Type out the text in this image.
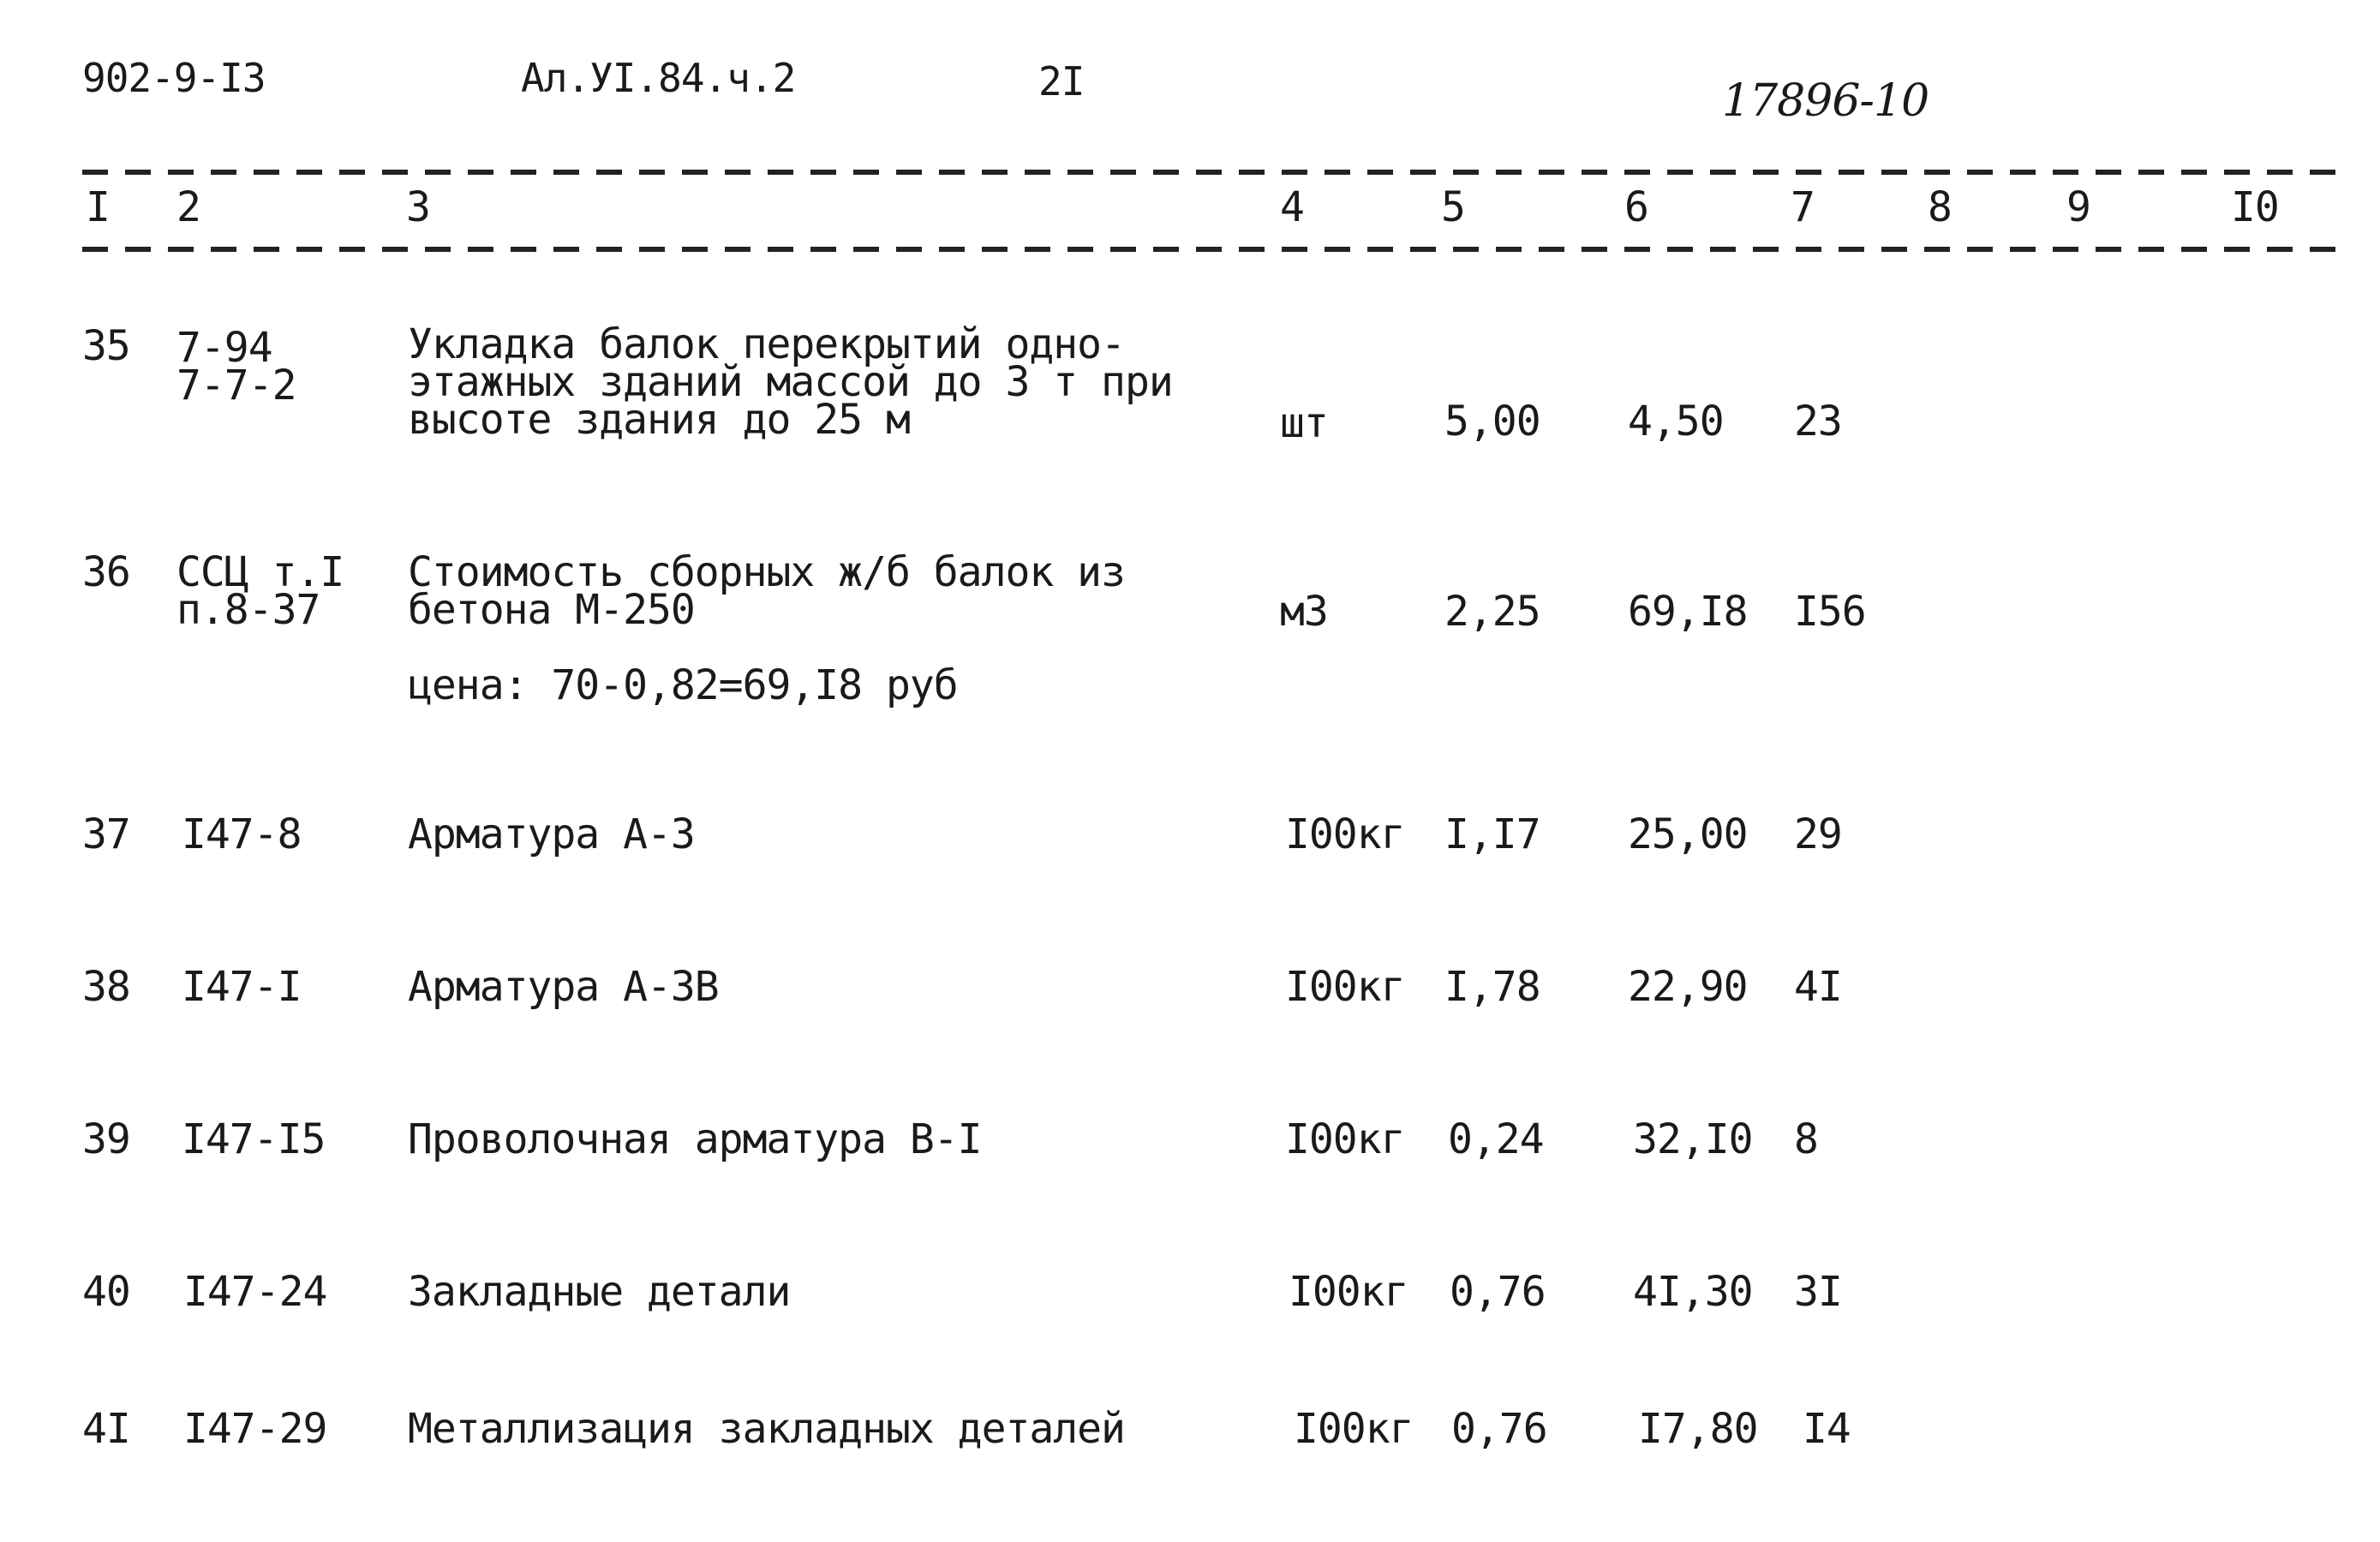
902-9-I3	Ал.УI.84.ч.2	2I	17896-10
I 2	3	4	5	6	7	8	9	I0
35 7-94
7-7-2
Укладка балок перекрытий одно-
этажных зданий массой до 3 т при
высоте здания до 25 м	шт	5,00 4,50 23
36 ССЦ т.I
п.8-37
Стоимость сборных ж/б балок из
бетона М-250
цена: 70-0,82=69,I8 руб
м3	2,25 69,I8 I56
37 I47-8	Арматура А-3	I00кг I,I7 25,00 29
38 I47-I	Арматура А-3В	I00кг I,78 22,90 4I
39 I47-I5 Проволочная арматура В-I	I00кг 0,24 32,I0 8
40 I47-24 Закладные детали	I00кг 0,76 4I,30 3I
4I I47-29 Металлизация закладных деталей	I00кг 0,76 I7,80 I4
